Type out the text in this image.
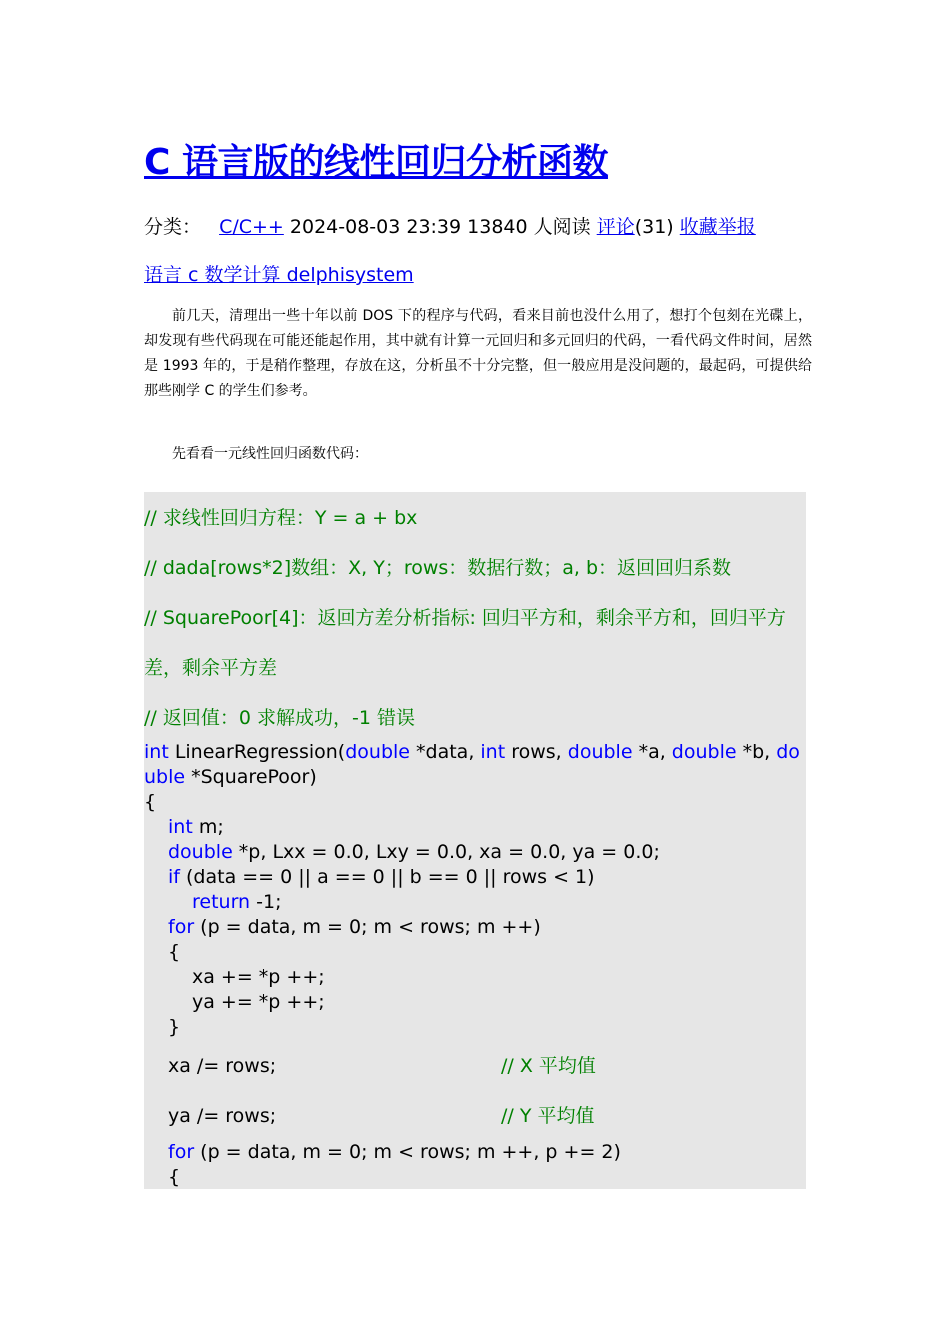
C 语言版的线性回归分析函数
分类： C/C++ 2024-08-03 23:39 13840 人阅读 评论(31) 收藏举报
语言 c 数学计算 delphisystem

前几天，清理出一些十年以前 DOS 下的程序与代码，看来目前也没什么用了，想打个包刻在光碟上，却发现有些代码现在可能还能起作用，其中就有计算一元回归和多元回归的代码，一看代码文件时间，居然是 1993 年的，于是稍作整理，存放在这，分析虽不十分完整，但一般应用是没问题的，最起码，可提供给那些刚学 C 的学生们参考。

先看看一元线性回归函数代码：

// 求线性回归方程：Y = a + bx
// dada[rows*2]数组：X, Y；rows：数据行数；a, b：返回回归系数
// SquarePoor[4]：返回方差分析指标: 回归平方和，剩余平方和，回归平方差，剩余平方差
// 返回值：0 求解成功，-1 错误
int LinearRegression(double *data, int rows, double *a, double *b, do
uble *SquarePoor)
{
int m;
double *p, Lxx = 0.0, Lxy = 0.0, xa = 0.0, ya = 0.0;
if (data == 0 || a == 0 || b == 0 || rows < 1)
return -1;
for (p = data, m = 0; m < rows; m ++)
{
xa += *p ++;
ya += *p ++;
}
xa /= rows;	// X 平均值
ya /= rows;	// Y 平均值
for (p = data, m = 0; m < rows; m ++, p += 2)
{
